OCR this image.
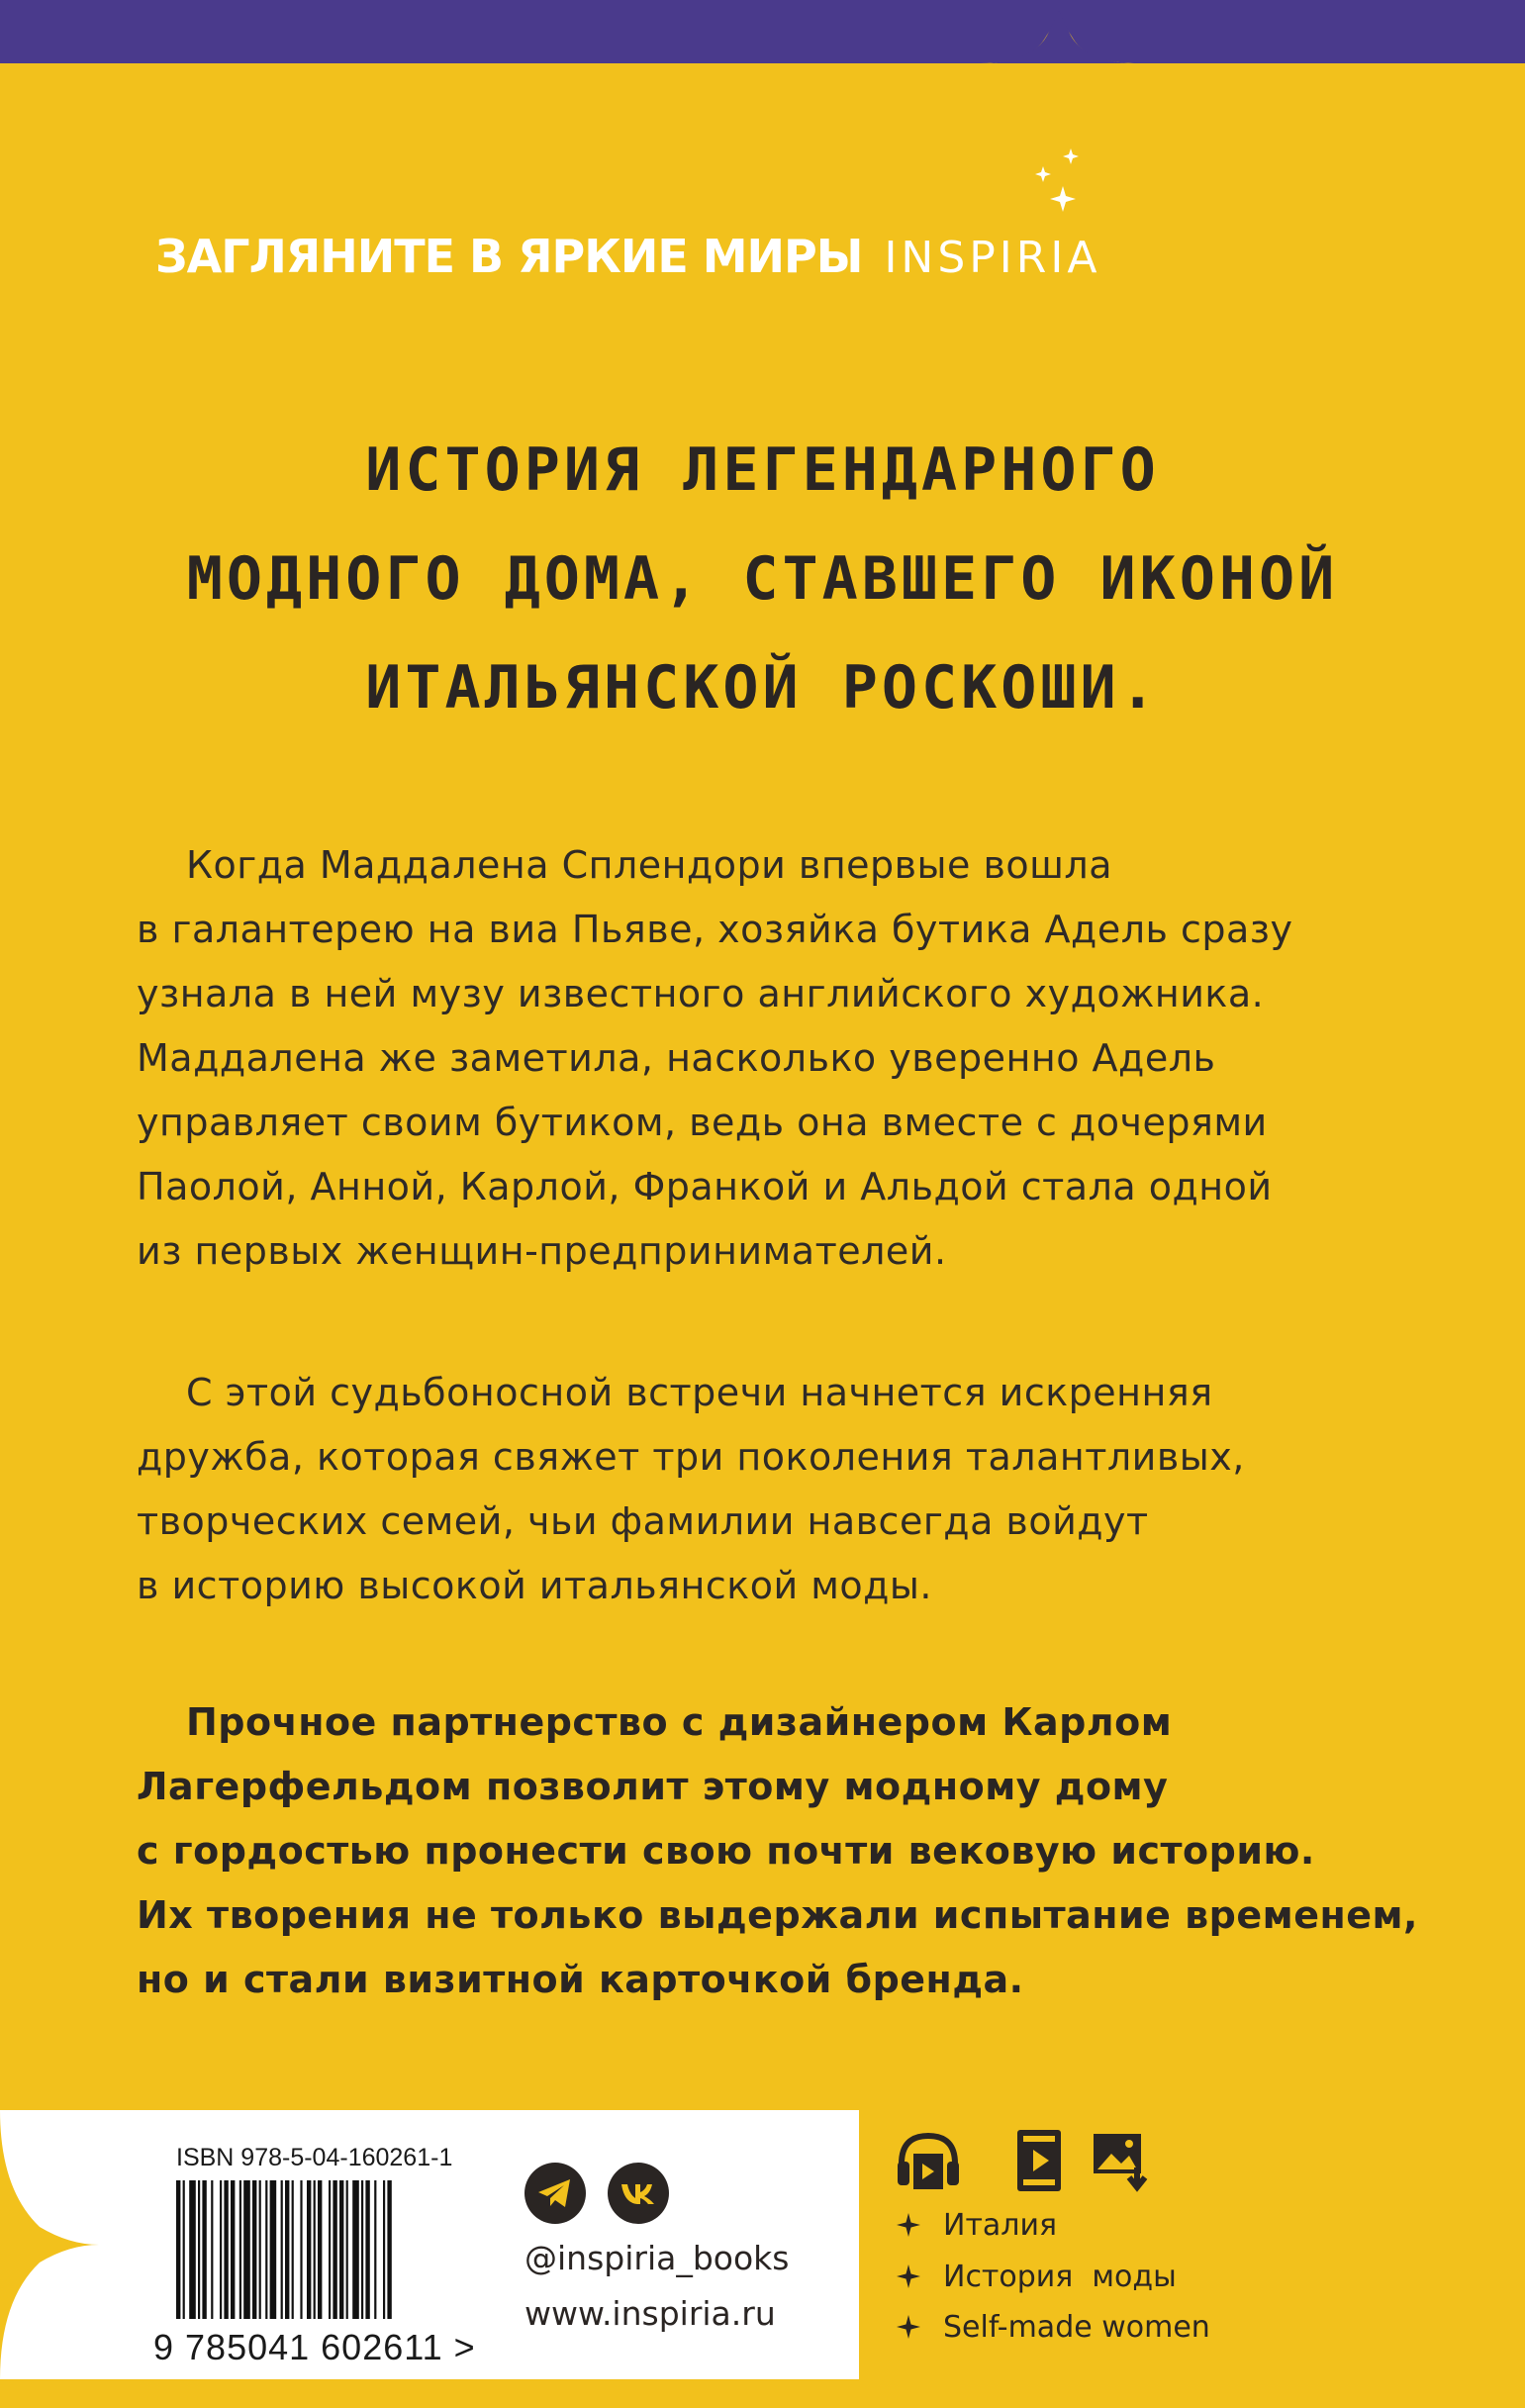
ЗАГЛЯНИТЕ В ЯРКИЕ МИРЫ INSPIRIA
ИСТОРИЯ ЛЕГЕНДАРНОГО
МОДНОГО ДОМА, СТАВШЕГО ИКОНОЙ
ИТАЛЬЯНСКОЙ РОСКОШИ.
Когда Маддалена Сплендори впервые вошла
в галантерею на виа Пьяве, хозяйка бутика Адель сразу
узнала в ней музу известного английского художника.
Маддалена же заметила, насколько уверенно Адель
управляет своим бутиком, ведь она вместе с дочерями
Паолой, Анной, Карлой, Франкой и Альдой стала одной
из первых женщин-предпринимателей.
С этой судьбоносной встречи начнется искренняя
дружба, которая свяжет три поколения талантливых,
творческих семей, чьи фамилии навсегда войдут
в историю высокой итальянской моды.
Прочное партнерство с дизайнером Карлом
Лагерфельдом позволит этому модному дому
с гордостью пронести свою почти вековую историю.
Их творения не только выдержали испытание временем,
но и стали визитной карточкой бренда.
ISBN 978-5-04-160261-1
9 785041 602611 >
@inspiria_books
www.inspiria.ru
Италия
История  моды
Self-made women
